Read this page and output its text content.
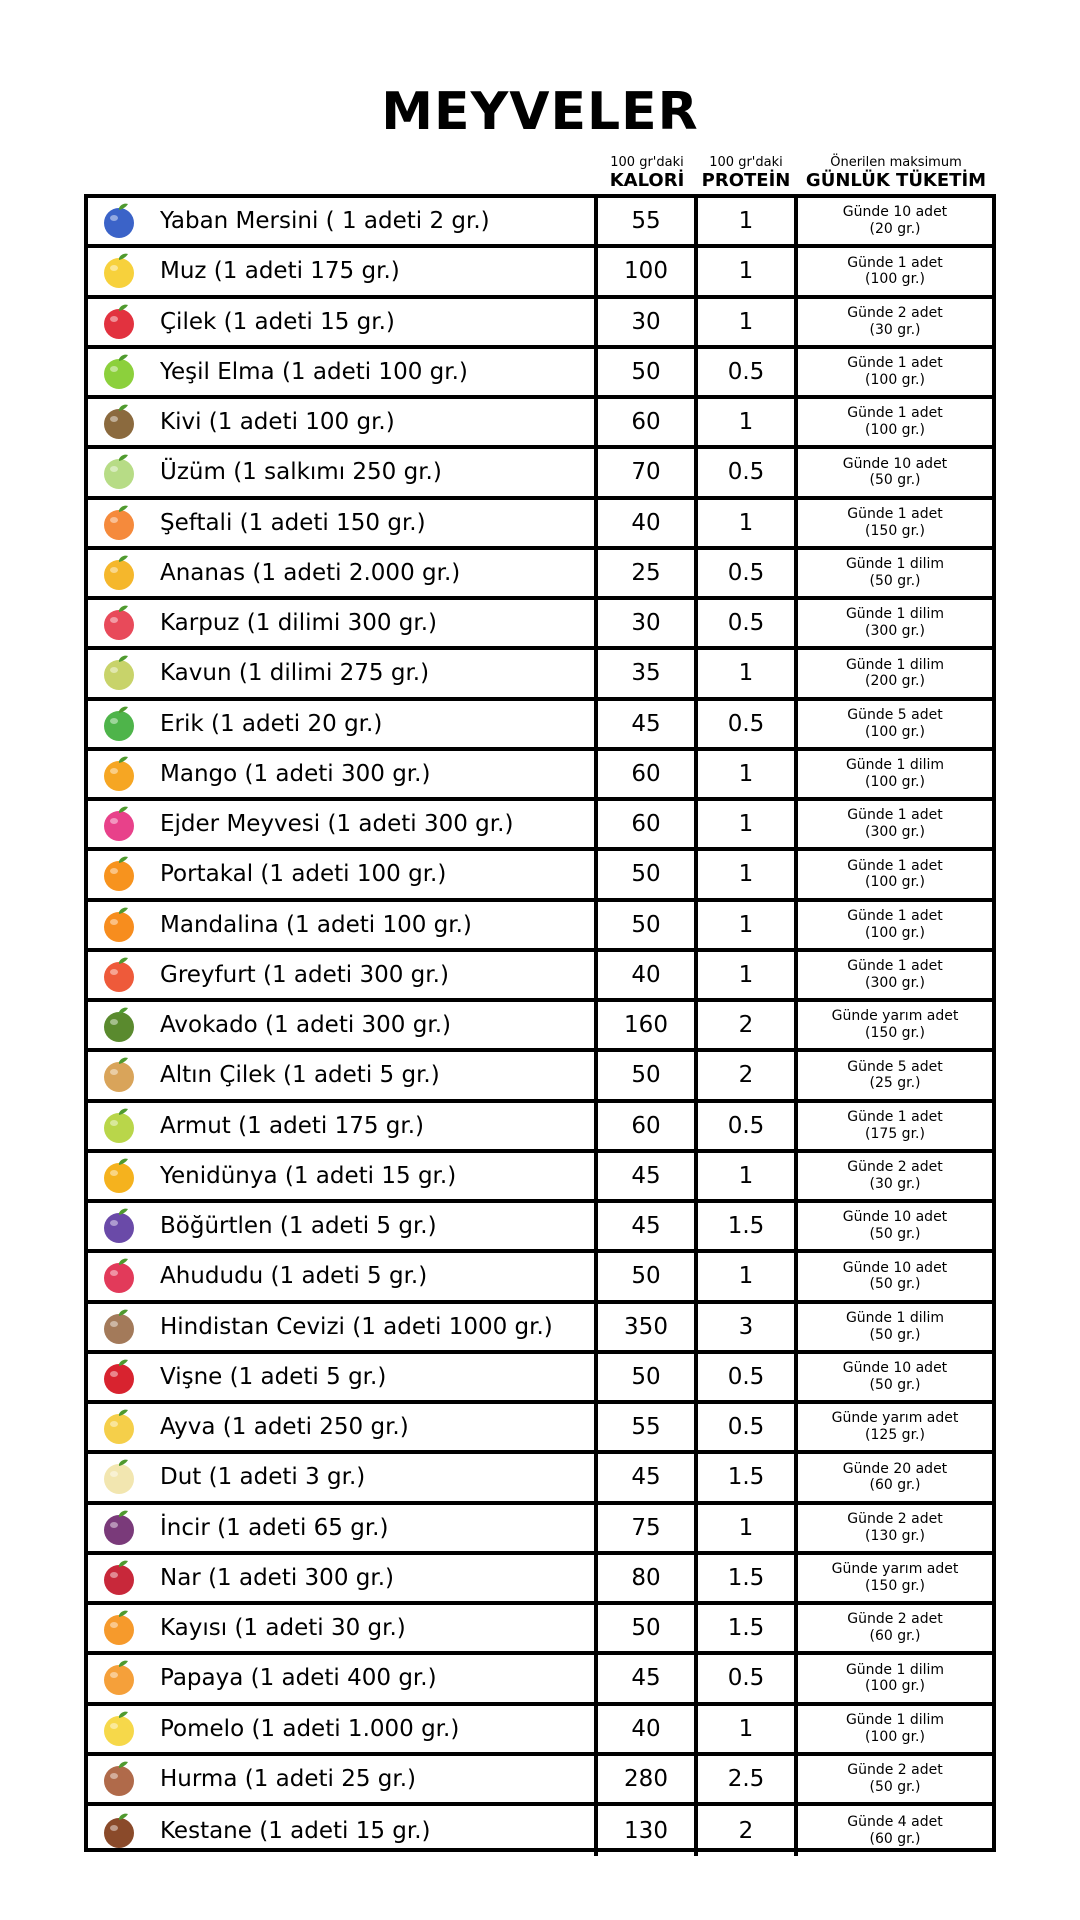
MEYVELER
100 gr'daki
KALORİ
100 gr'daki
PROTEİN
Önerilen maksimum
GÜNLÜK TÜKETİM
Yaban Mersini ( 1 adeti 2 gr.)	55	1	Günde 10 adet
(20 gr.)
Muz (1 adeti 175 gr.)	100	1	Günde 1 adet
(100 gr.)
Çilek (1 adeti 15 gr.)	30	1	Günde 2 adet
(30 gr.)
Yeşil Elma (1 adeti 100 gr.)	50	0.5	Günde 1 adet
(100 gr.)
Kivi (1 adeti 100 gr.)	60	1	Günde 1 adet
(100 gr.)
Üzüm (1 salkımı 250 gr.)	70	0.5	Günde 10 adet
(50 gr.)
Şeftali (1 adeti 150 gr.)	40	1	Günde 1 adet
(150 gr.)
Ananas (1 adeti 2.000 gr.)	25	0.5	Günde 1 dilim
(50 gr.)
Karpuz (1 dilimi 300 gr.)	30	0.5	Günde 1 dilim
(300 gr.)
Kavun (1 dilimi 275 gr.)	35	1	Günde 1 dilim
(200 gr.)
Erik (1 adeti 20 gr.)	45	0.5	Günde 5 adet
(100 gr.)
Mango (1 adeti 300 gr.)	60	1	Günde 1 dilim
(100 gr.)
Ejder Meyvesi (1 adeti 300 gr.)	60	1	Günde 1 adet
(300 gr.)
Portakal (1 adeti 100 gr.)	50	1	Günde 1 adet
(100 gr.)
Mandalina (1 adeti 100 gr.)	50	1	Günde 1 adet
(100 gr.)
Greyfurt (1 adeti 300 gr.)	40	1	Günde 1 adet
(300 gr.)
Avokado (1 adeti 300 gr.)	160	2	Günde yarım adet
(150 gr.)
Altın Çilek (1 adeti 5 gr.)	50	2	Günde 5 adet
(25 gr.)
Armut (1 adeti 175 gr.)	60	0.5	Günde 1 adet
(175 gr.)
Yenidünya (1 adeti 15 gr.)	45	1	Günde 2 adet
(30 gr.)
Böğürtlen (1 adeti 5 gr.)	45	1.5	Günde 10 adet
(50 gr.)
Ahududu (1 adeti 5 gr.)	50	1	Günde 10 adet
(50 gr.)
Hindistan Cevizi (1 adeti 1000 gr.)	350	3	Günde 1 dilim
(50 gr.)
Vişne (1 adeti 5 gr.)	50	0.5	Günde 10 adet
(50 gr.)
Ayva (1 adeti 250 gr.)	55	0.5	Günde yarım adet
(125 gr.)
Dut (1 adeti 3 gr.)	45	1.5	Günde 20 adet
(60 gr.)
İncir (1 adeti 65 gr.)	75	1	Günde 2 adet
(130 gr.)
Nar (1 adeti 300 gr.)	80	1.5	Günde yarım adet
(150 gr.)
Kayısı (1 adeti 30 gr.)	50	1.5	Günde 2 adet
(60 gr.)
Papaya (1 adeti 400 gr.)	45	0.5	Günde 1 dilim
(100 gr.)
Pomelo (1 adeti 1.000 gr.)	40	1	Günde 1 dilim
(100 gr.)
Hurma (1 adeti 25 gr.)	280	2.5	Günde 2 adet
(50 gr.)
Kestane (1 adeti 15 gr.)	130	2	Günde 4 adet
(60 gr.)
